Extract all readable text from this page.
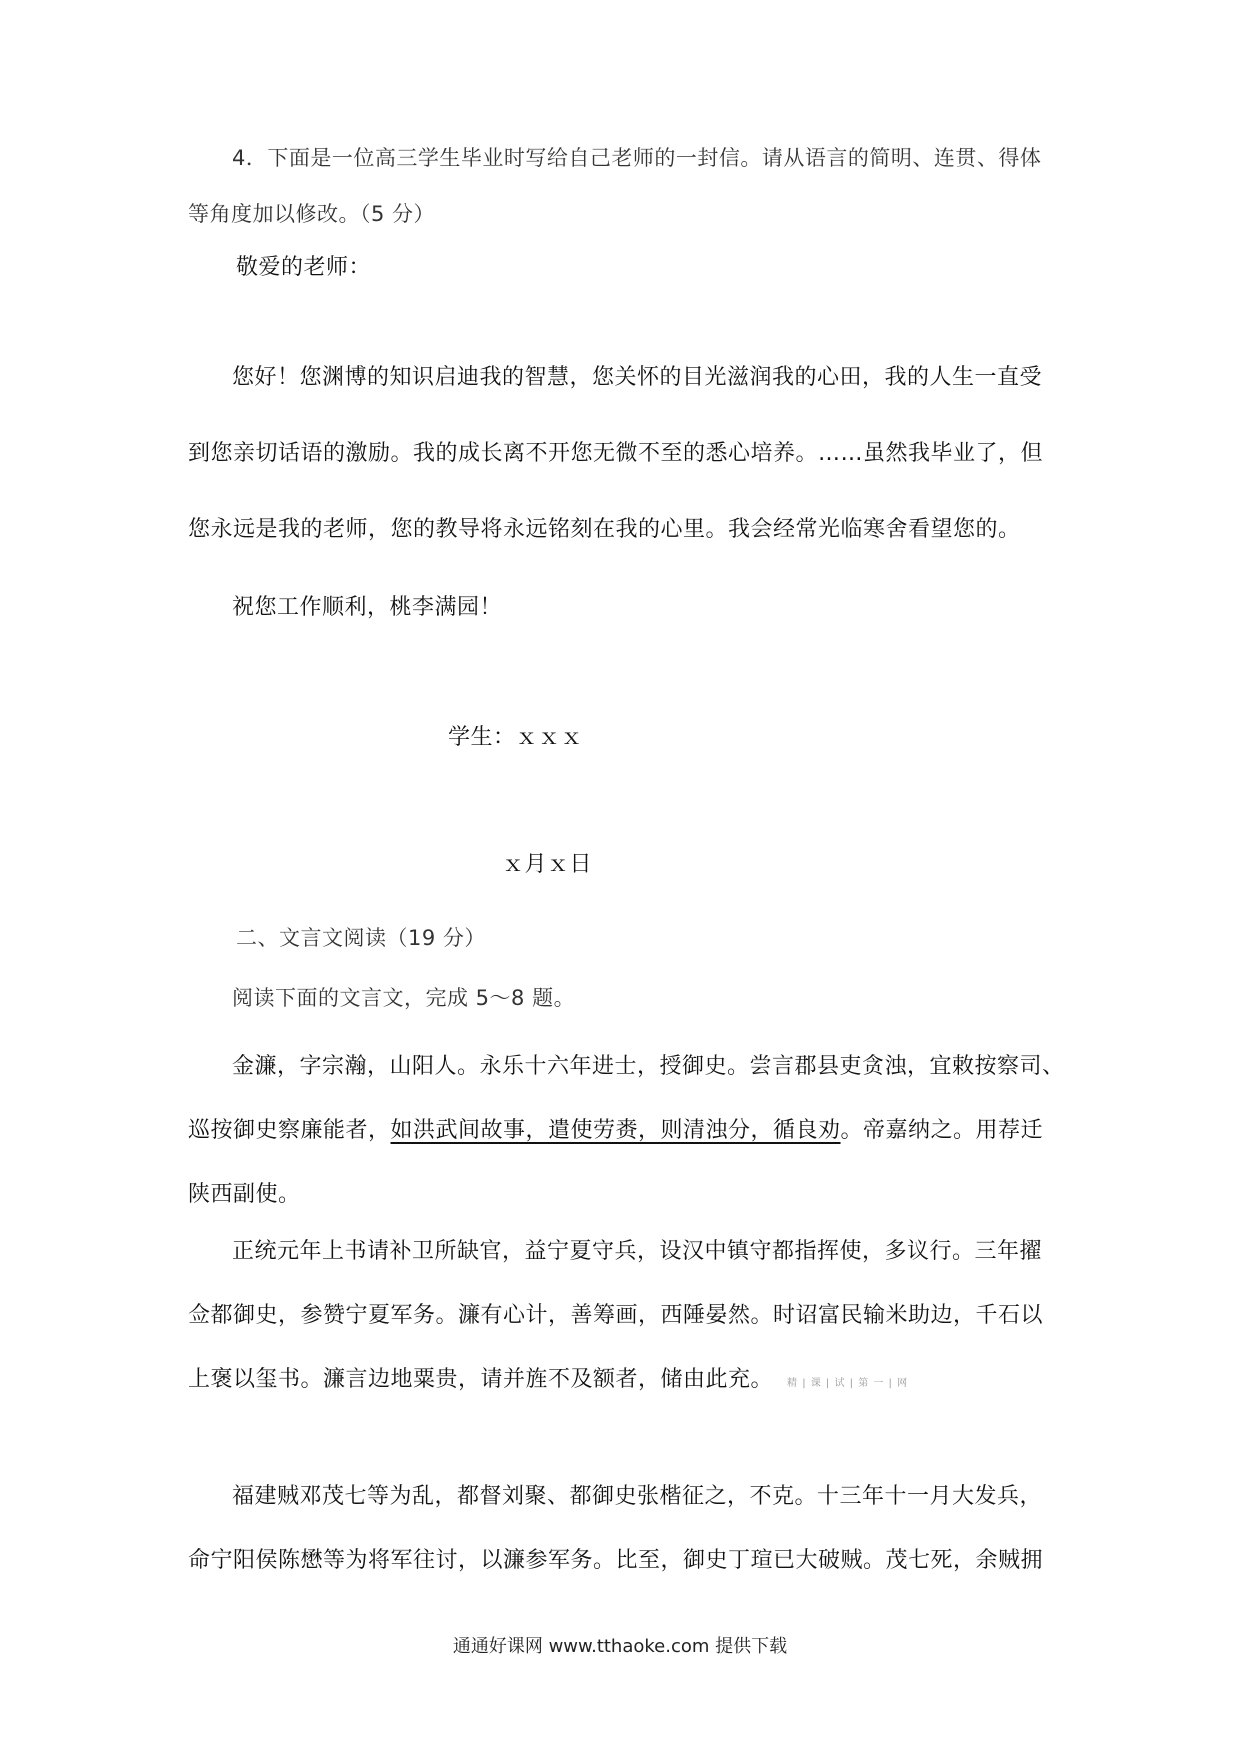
4．下面是一位高三学生毕业时写给自己老师的一封信。请从语言的简明、连贯、得体
等角度加以修改。（5 分）
敬爱的老师：
您好！您渊博的知识启迪我的智慧，您关怀的目光滋润我的心田，我的人生一直受
到您亲切话语的激励。我的成长离不开您无微不至的悉心培养。……虽然我毕业了，但
您永远是我的老师，您的教导将永远铭刻在我的心里。我会经常光临寒舍看望您的。
祝您工作顺利，桃李满园！
学生：ｘｘｘ
ｘ月ｘ日
二、文言文阅读（19 分）
阅读下面的文言文，完成 5～8 题。
金濂，字宗瀚，山阳人。永乐十六年进士，授御史。尝言郡县吏贪浊，宜敕按察司、
巡按御史察廉能者，如洪武间故事，遣使劳赉，则清浊分，循良劝。帝嘉纳之。用荐迁
陕西副使。
正统元年上书请补卫所缺官，益宁夏守兵，设汉中镇守都指挥使，多议行。三年擢
佥都御史，参赞宁夏军务。濂有心计，善筹画，西陲晏然。时诏富民输米助边，千石以
上褒以玺书。濂言边地粟贵，请并旌不及额者，储由此充。 精 | 课 | 试 | 第 一 | 网
福建贼邓茂七等为乱，都督刘聚、都御史张楷征之，不克。十三年十一月大发兵，
命宁阳侯陈懋等为将军往讨，以濂参军务。比至，御史丁瑄已大破贼。茂七死，余贼拥
通通好课网 www.tthaoke.com 提供下载
